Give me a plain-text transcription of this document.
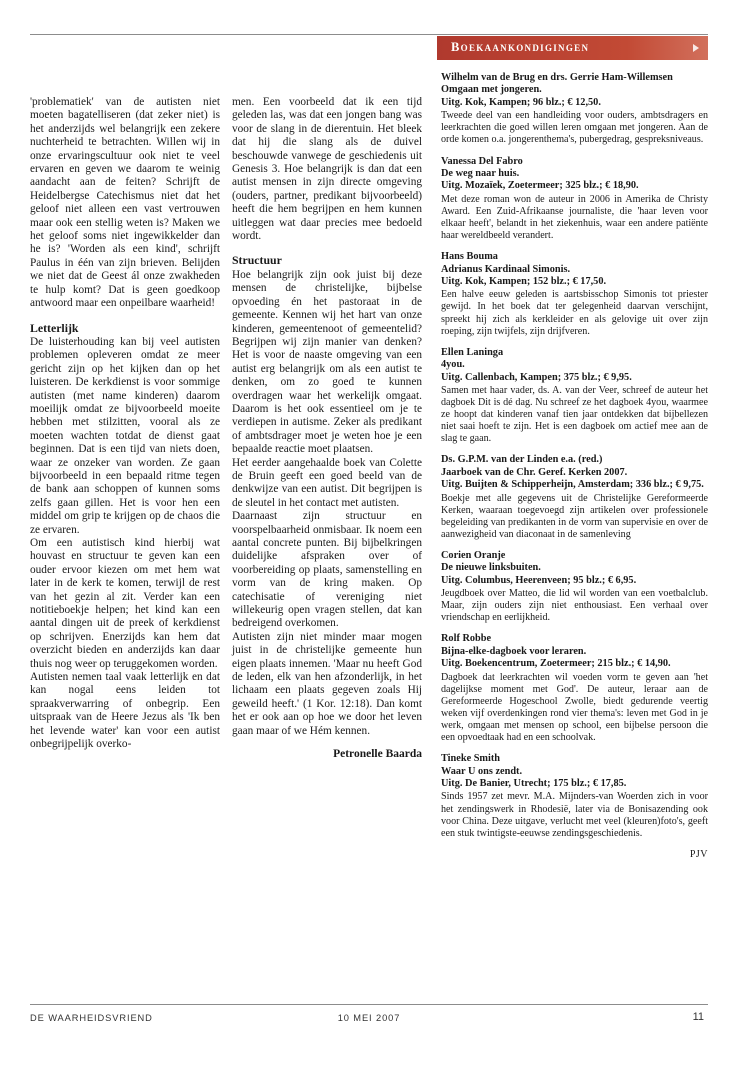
Boekaankondigingen

'problematiek' van de autisten niet moeten bagatelliseren (dat zeker niet) is het anderzijds wel belangrijk een zekere nuchterheid te betrachten. Willen wij in onze ervaringscultuur ook niet te veel ervaren en geven we daarom te weinig aandacht aan de feiten? Schrijft de Heidelbergse Catechismus niet dat het geloof niet alleen een vast vertrouwen maar ook een stellig weten is? Maken we het geloof soms niet ingewikkelder dan he is? 'Worden als een kind', schrijft Paulus in één van zijn brieven. Belijden we niet dat de Geest ál onze zwakheden te hulp komt? Dat is geen goedkoop antwoord maar een onpeilbare waarheid!

Letterlijk

De luisterhouding kan bij veel autisten problemen opleveren omdat ze meer gericht zijn op het kijken dan op het luisteren. De kerkdienst is voor sommige autisten (met name kinderen) daarom moeilijk omdat ze bijvoorbeeld moeite hebben met stilzitten, vooral als ze moeten wachten totdat de dienst gaat beginnen. Dat is een tijd van niets doen, waar ze onzeker van worden. Ze gaan bijvoorbeeld in een bepaald ritme tegen de bank aan schoppen of kunnen soms zelfs gaan gillen. Het is voor hen een middel om grip te krijgen op de chaos die ze ervaren.

Om een autistisch kind hierbij wat houvast en structuur te geven kan een ouder ervoor kiezen om met hem wat later in de kerk te komen, terwijl de rest van het gezin al zit. Verder kan een notitieboekje helpen; het kind kan een aantal dingen uit de preek of kerkdienst op schrijven. Enerzijds kan hem dat overzicht bieden en anderzijds kan daar thuis nog weer op teruggekomen worden.

Autisten nemen taal vaak letterlijk en dat kan nogal eens leiden tot spraakverwarring of onbegrip. Een uitspraak van de Heere Jezus als 'Ik ben het levende water' kan voor een autist onbegrijpelijk overko-

men. Een voorbeeld dat ik een tijd geleden las, was dat een jongen bang was voor de slang in de dierentuin. Het bleek dat hij die slang als de duivel beschouwde vanwege de geschiedenis uit Genesis 3. Hoe belangrijk is dan dat een autist mensen in zijn directe omgeving (ouders, partner, predikant bijvoorbeeld) heeft die hem begrijpen en hem kunnen uitleggen wat daar precies mee bedoeld wordt.

Structuur

Hoe belangrijk zijn ook juist bij deze mensen de christelijke, bijbelse opvoeding én het pastoraat in de gemeente. Kennen wij het hart van onze kinderen, gemeentenoot of gemeentelid? Begrijpen wij zijn manier van denken? Het is voor de naaste omgeving van een autist erg belangrijk om als een autist te denken, om zo goed te kunnen overdragen waar het werkelijk omgaat. Daarom is het ook essentieel om je te verdiepen in autisme. Zeker als predikant of ambtsdrager moet je weten hoe je een bepaalde reactie moet plaatsen.

Het eerder aangehaalde boek van Colette de Bruin geeft een goed beeld van de denkwijze van een autist. Dit begrijpen is de sleutel in het contact met autisten.

Daarnaast zijn structuur en voorspelbaarheid onmisbaar. Ik noem een aantal concrete punten. Bij bijbelkringen duidelijke afspraken over of voorbereiding op plaats, samenstelling en vorm van de kring maken. Op catechisatie of vereniging niet willekeurig open vragen stellen, dat kan bedreigend overkomen.

Autisten zijn niet minder maar mogen juist in de christelijke gemeente hun eigen plaats innemen. 'Maar nu heeft God de leden, elk van hen afzonderlijk, in het lichaam een plaats gegeven zoals Hij geweild heeft.' (1 Kor. 12:18). Dan komt het er ook aan op hoe we door het leven gaan maar of we Hém kennen.

Petronelle Baarda
Wilhelm van de Brug en drs. Gerrie Ham-Willemsen
Omgaan met jongeren.
Uitg. Kok, Kampen; 96 blz.; € 12,50.
Tweede deel van een handleiding voor ouders, ambtsdragers en leerkrachten die goed willen leren omgaan met jongeren. Aan de orde komen o.a. jongerenthema's, pubergedrag, gespreksniveaus.
Vanessa Del Fabro
De weg naar huis.
Uitg. Mozaïek, Zoetermeer; 325 blz.; € 18,90.
Met deze roman won de auteur in 2006 in Amerika de Christy Award. Een Zuid-Afrikaanse journaliste, die 'haar leven voor elkaar heeft', belandt in het ziekenhuis, waar een andere patiënte haar wereldbeeld verandert.
Hans Bouma
Adrianus Kardinaal Simonis.
Uitg. Kok, Kampen; 152 blz.; € 17,50.
Een halve eeuw geleden is aartsbisschop Simonis tot priester gewijd. In het boek dat ter gelegenheid daarvan verschijnt, spreekt hij zich als kerkleider en als gelovige uit over zijn roeping, zijn twijfels, zijn drijfveren.
Ellen Laninga
4you.
Uitg. Callenbach, Kampen; 375 blz.; € 9,95.
Samen met haar vader, ds. A. van der Veer, schreef de auteur het dagboek Dit is dé dag. Nu schreef ze het dagboek 4you, waarmee ze hoopt dat kinderen vanaf tien jaar ontdekken dat bijbellezen niet saai hoeft te zijn. Het is een dagboek om actief mee aan de slag te gaan.
Ds. G.P.M. van der Linden e.a. (red.)
Jaarboek van de Chr. Geref. Kerken 2007.
Uitg. Buijten & Schipperheijn, Amsterdam; 336 blz.; € 9,75.
Boekje met alle gegevens uit de Christelijke Gereformeerde Kerken, waaraan toegevoegd zijn artikelen over professionele begeleiding van predikanten in de vorm van supervisie en over de aanwezigheid van diaconaat in de samenleving
Corien Oranje
De nieuwe linksbuiten.
Uitg. Columbus, Heerenveen; 95 blz.; € 6,95.
Jeugdboek over Matteo, die lid wil worden van een voetbalclub. Maar, zijn ouders zijn niet enthousiast. Een verhaal over vriendschap en eerlijkheid.
Rolf Robbe
Bijna-elke-dagboek voor leraren.
Uitg. Boekencentrum, Zoetermeer; 215 blz.; € 14,90.
Dagboek dat leerkrachten wil voeden vorm te geven aan 'het dagelijkse moment met God'. De auteur, leraar aan de Gereformeerde Hogeschool Zwolle, biedt gedurende veertig weken vijf overdenkingen rond vier thema's: leven met God in je werk, omgaan met mensen op school, een bijbelse persoon die een opvoedtaak had en een schoolvak.
Tineke Smith
Waar U ons zendt.
Uitg. De Banier, Utrecht; 175 blz.; € 17,85.
Sinds 1957 zet mevr. M.A. Mijnders-van Woerden zich in voor het zendingswerk in Rhodesië, later via de Bonisazending ook voor China. Deze uitgave, verlucht met veel (kleuren)foto's, geeft een stuk twintigste-eeuwse zendingsgeschiedenis.
PJV
DE WAARHEIDSVRIEND	10 MEI 2007	11
